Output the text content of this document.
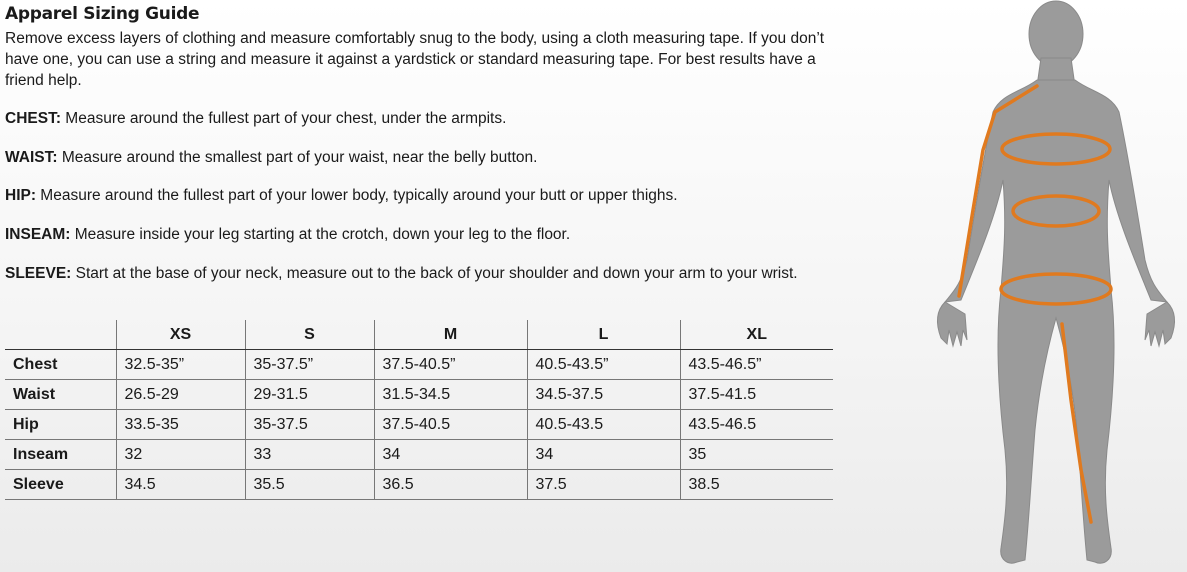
Apparel Sizing Guide

Remove excess layers of clothing and measure comfortably snug to the body, using a cloth measuring tape. If you don’t have one, you can use a string and measure it against a yardstick or standard measuring tape. For best results have a friend help.

CHEST: Measure around the fullest part of your chest, under the armpits.

WAIST: Measure around the smallest part of your waist, near the belly button.

HIP: Measure around the fullest part of your lower body, typically around your butt or upper thighs.

INSEAM: Measure inside your leg starting at the crotch, down your leg to the floor.

SLEEVE: Start at the base of your neck, measure out to the back of your shoulder and down your arm to your wrist.

	XS	S	M	L	XL
Chest	32.5-35”	35-37.5”	37.5-40.5”	40.5-43.5”	43.5-46.5”
Waist	26.5-29	29-31.5	31.5-34.5	34.5-37.5	37.5-41.5
Hip	33.5-35	35-37.5	37.5-40.5	40.5-43.5	43.5-46.5
Inseam	32	33	34	34	35
Sleeve	34.5	35.5	36.5	37.5	38.5
